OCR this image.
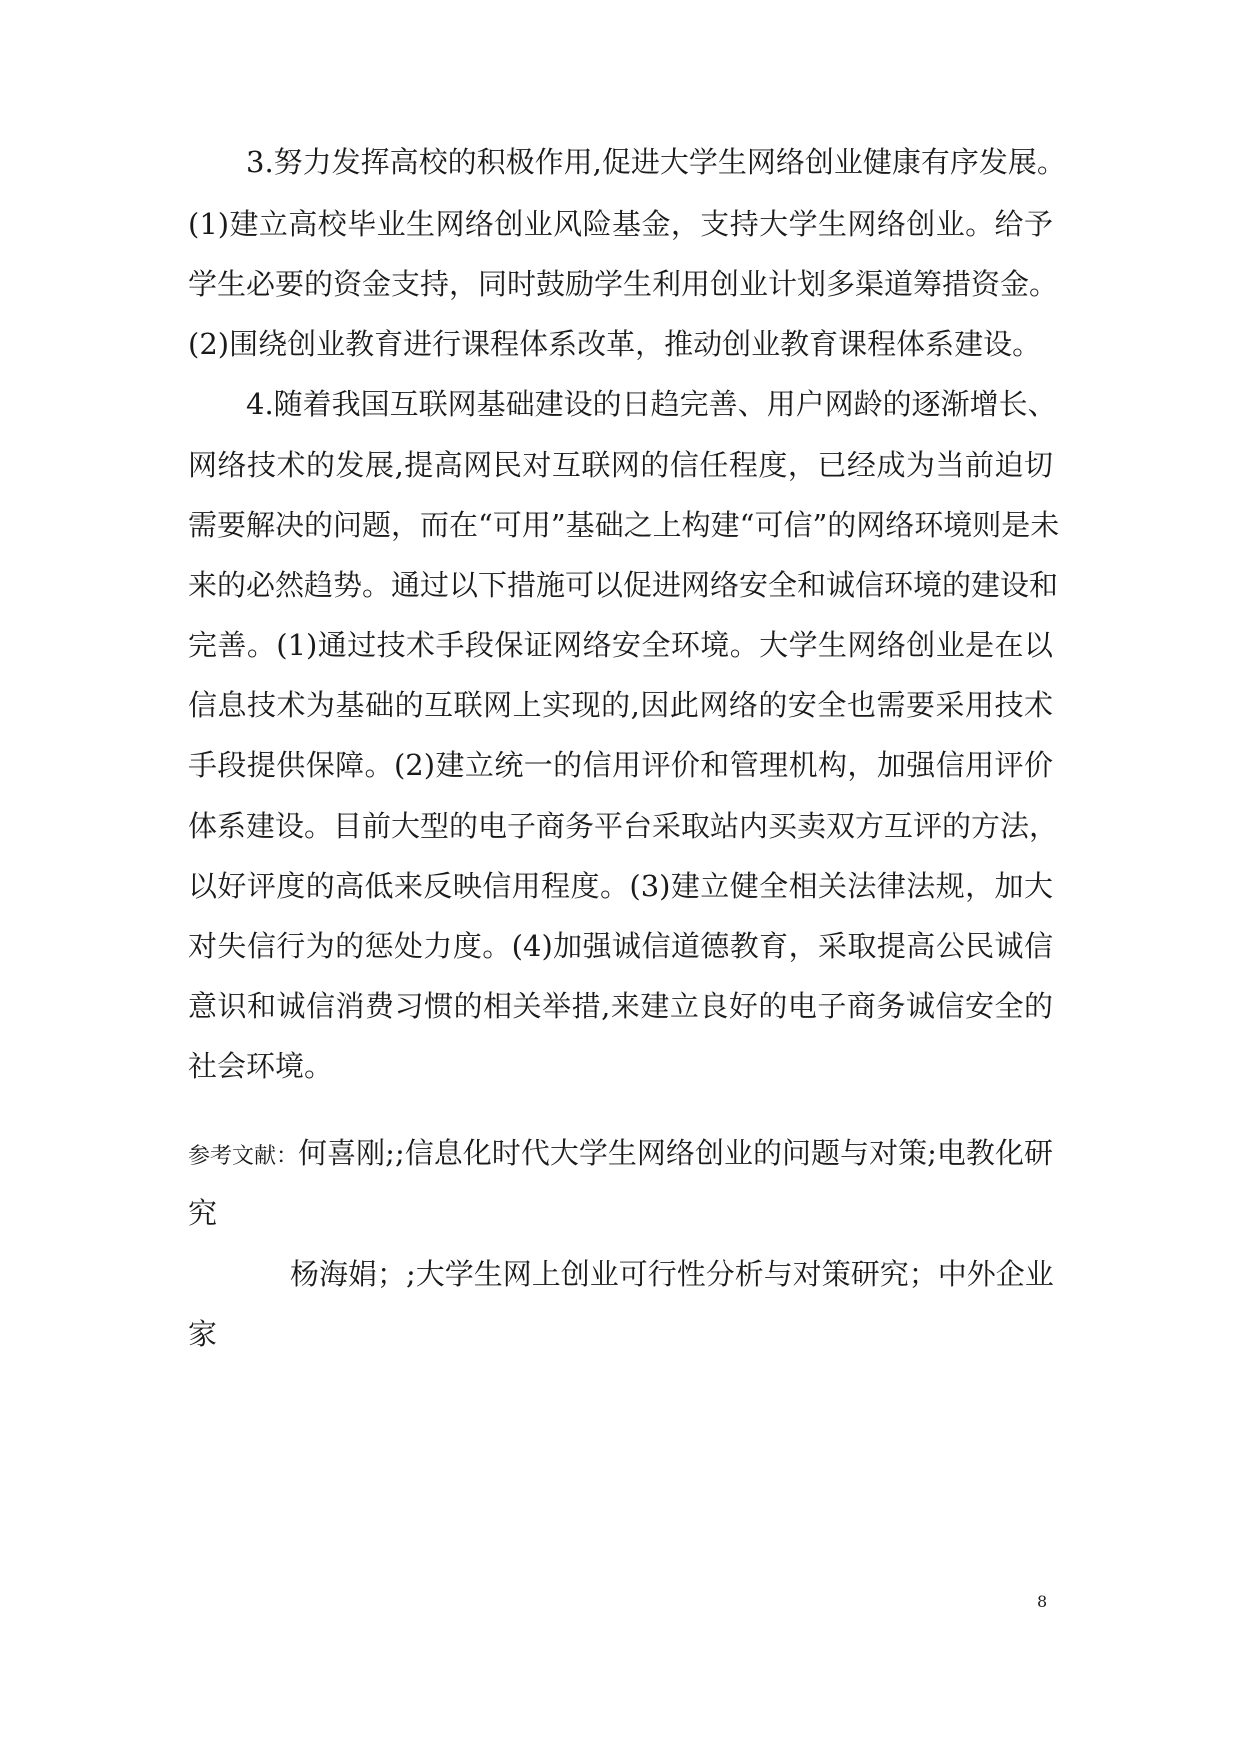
3.努力发挥高校的积极作用,促进大学生网络创业健康有序发展。
(1)建立高校毕业生网络创业风险基金，支持大学生网络创业。给予
学生必要的资金支持，同时鼓励学生利用创业计划多渠道筹措资金。
(2)围绕创业教育进行课程体系改革，推动创业教育课程体系建设。
4.随着我国互联网基础建设的日趋完善、用户网龄的逐渐增长、
网络技术的发展,提高网民对互联网的信任程度，已经成为当前迫切
需要解决的问题，而在“可用”基础之上构建“可信”的网络环境则是未
来的必然趋势。通过以下措施可以促进网络安全和诚信环境的建设和
完善。(1)通过技术手段保证网络安全环境。大学生网络创业是在以
信息技术为基础的互联网上实现的,因此网络的安全也需要采用技术
手段提供保障。(2)建立统一的信用评价和管理机构，加强信用评价
体系建设。目前大型的电子商务平台采取站内买卖双方互评的方法，
以好评度的高低来反映信用程度。(3)建立健全相关法律法规，加大
对失信行为的惩处力度。(4)加强诚信道德教育，采取提高公民诚信
意识和诚信消费习惯的相关举措,来建立良好的电子商务诚信安全的
社会环境。
参考文献：何喜刚;;信息化时代大学生网络创业的问题与对策;电教化研
究
杨海娟；;大学生网上创业可行性分析与对策研究；中外企业
家
8
